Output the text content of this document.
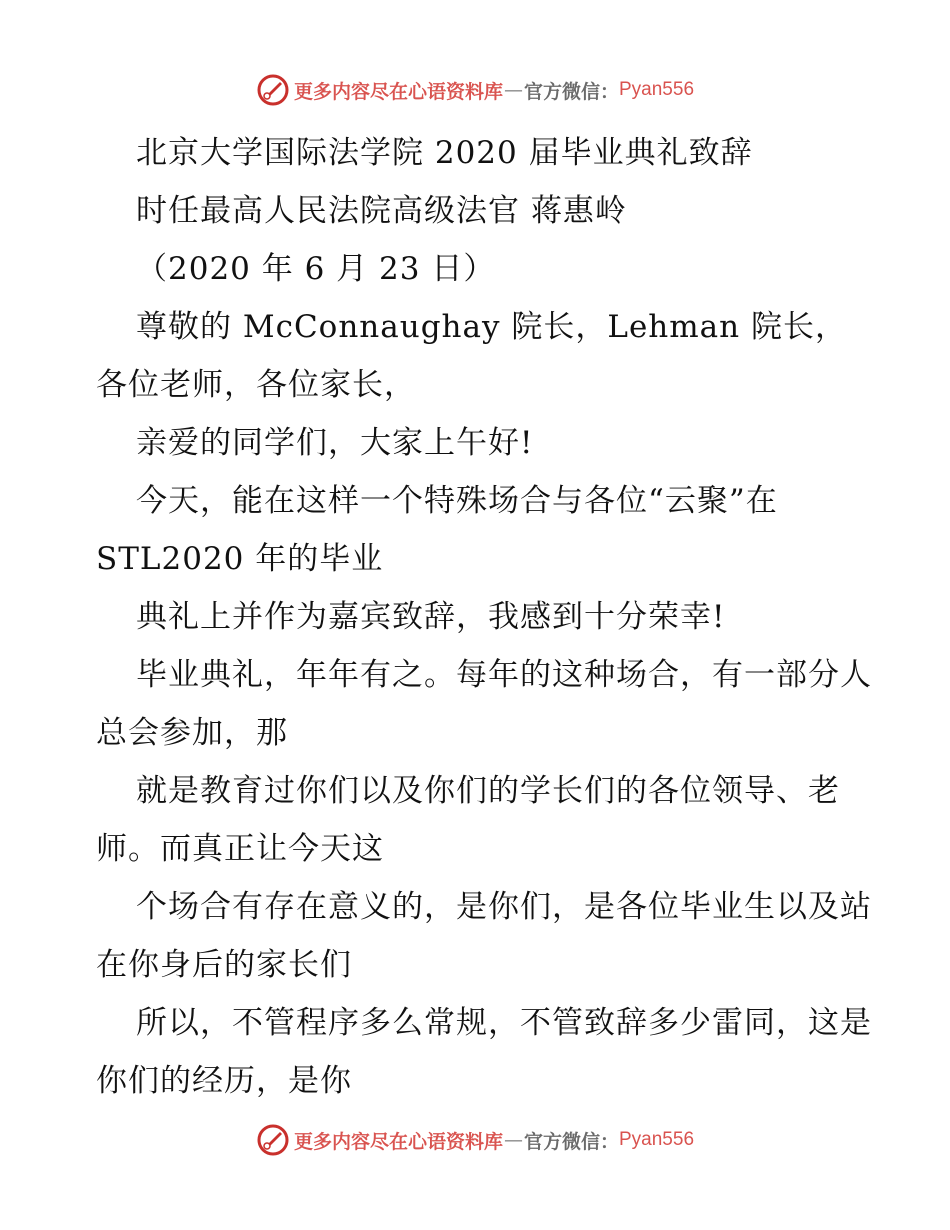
更多内容尽在心语资料库 — 官方微信： Pyan556

北京大学国际法学院 2020 届毕业典礼致辞

时任最高人民法院高级法官 蒋惠岭

（2020 年 6 月 23 日）

尊敬的 McConnaughay 院长，Lehman 院长，各位老师，各位家长，

亲爱的同学们，大家上午好!

今天，能在这样一个特殊场合与各位“云聚”在 STL2020 年的毕业

典礼上并作为嘉宾致辞，我感到十分荣幸!

毕业典礼，年年有之。每年的这种场合，有一部分人总会参加，那

就是教育过你们以及你们的学长们的各位领导、老师。而真正让今天这

个场合有存在意义的，是你们，是各位毕业生以及站在你身后的家长们

所以，不管程序多么常规，不管致辞多少雷同，这是你们的经历，是你

更多内容尽在心语资料库 — 官方微信： Pyan556
